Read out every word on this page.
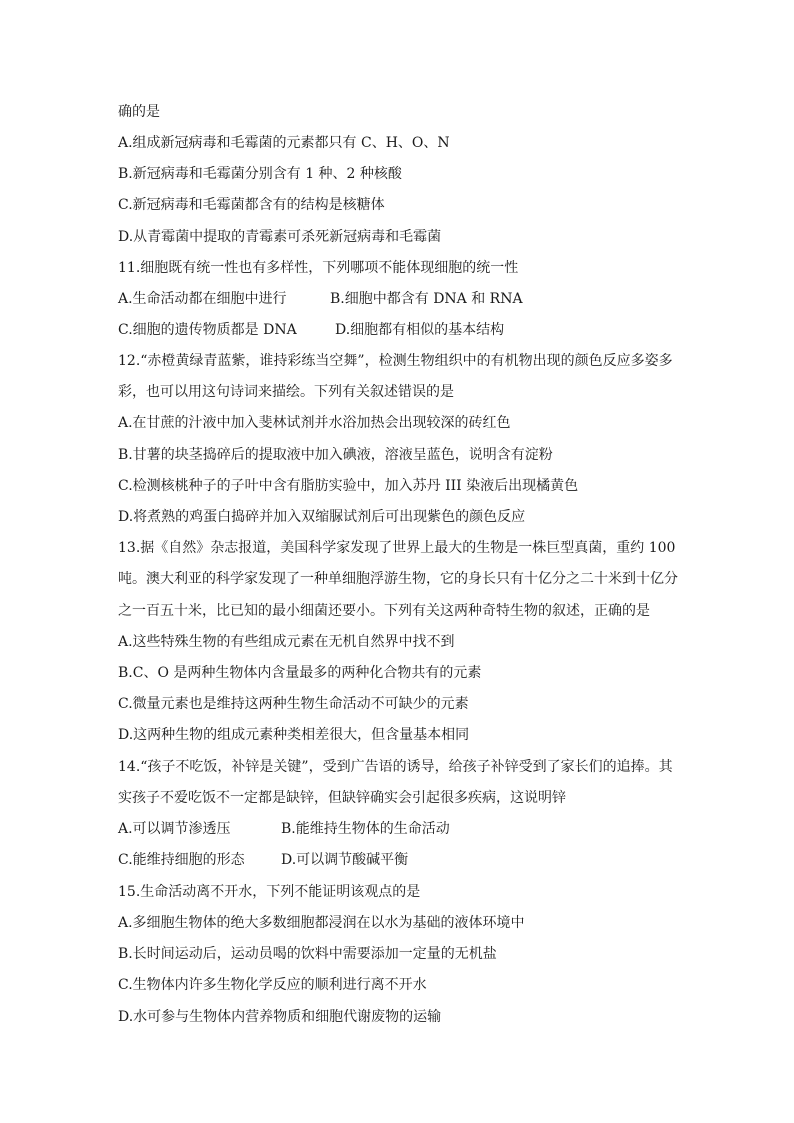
确的是
A.组成新冠病毒和毛霉菌的元素都只有 C、H、O、N
B.新冠病毒和毛霉菌分别含有 1 种、2 种核酸
C.新冠病毒和毛霉菌都含有的结构是核糖体
D.从青霉菌中提取的青霉素可杀死新冠病毒和毛霉菌
11.细胞既有统一性也有多样性，下列哪项不能体现细胞的统一性
A.生命活动都在细胞中进行	B.细胞中都含有 DNA 和 RNA
C.细胞的遗传物质都是 DNA	D.细胞都有相似的基本结构
12.“赤橙黄绿青蓝紫，谁持彩练当空舞”，检测生物组织中的有机物出现的颜色反应多姿多
彩，也可以用这句诗词来描绘。下列有关叙述错误的是
A.在甘蔗的汁液中加入斐林试剂并水浴加热会出现较深的砖红色
B.甘薯的块茎捣碎后的提取液中加入碘液，溶液呈蓝色，说明含有淀粉
C.检测核桃种子的子叶中含有脂肪实验中，加入苏丹 III 染液后出现橘黄色
D.将煮熟的鸡蛋白捣碎并加入双缩脲试剂后可出现紫色的颜色反应
13.据《自然》杂志报道，美国科学家发现了世界上最大的生物是一株巨型真菌，重约 100
吨。澳大利亚的科学家发现了一种单细胞浮游生物，它的身长只有十亿分之二十米到十亿分
之一百五十米，比已知的最小细菌还要小。下列有关这两种奇特生物的叙述，正确的是
A.这些特殊生物的有些组成元素在无机自然界中找不到
B.C、O 是两种生物体内含量最多的两种化合物共有的元素
C.微量元素也是维持这两种生物生命活动不可缺少的元素
D.这两种生物的组成元素种类相差很大，但含量基本相同
14.“孩子不吃饭，补锌是关键”，受到广告语的诱导，给孩子补锌受到了家长们的追捧。其
实孩子不爱吃饭不一定都是缺锌，但缺锌确实会引起很多疾病，这说明锌
A.可以调节渗透压	B.能维持生物体的生命活动
C.能维持细胞的形态	D.可以调节酸碱平衡
15.生命活动离不开水，下列不能证明该观点的是
A.多细胞生物体的绝大多数细胞都浸润在以水为基础的液体环境中
B.长时间运动后，运动员喝的饮料中需要添加一定量的无机盐
C.生物体内许多生物化学反应的顺利进行离不开水
D.水可参与生物体内营养物质和细胞代谢废物的运输
